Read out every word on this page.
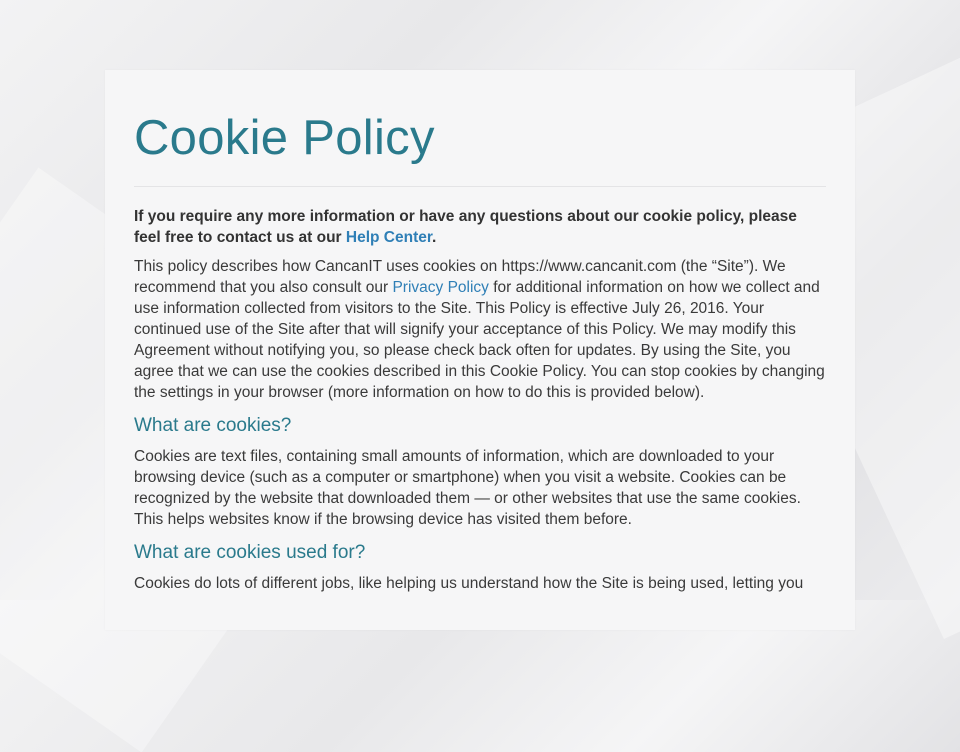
Cookie Policy

If you require any more information or have any questions about our cookie policy, please feel free to contact us at our Help Center.

This policy describes how CancanIT uses cookies on https://www.cancanit.com (the “Site”). We recommend that you also consult our Privacy Policy for additional information on how we collect and use information collected from visitors to the Site. This Policy is effective July 26, 2016. Your continued use of the Site after that will signify your acceptance of this Policy. We may modify this Agreement without notifying you, so please check back often for updates. By using the Site, you agree that we can use the cookies described in this Cookie Policy. You can stop cookies by changing the settings in your browser (more information on how to do this is provided below).

What are cookies?

Cookies are text files, containing small amounts of information, which are downloaded to your browsing device (such as a computer or smartphone) when you visit a website. Cookies can be recognized by the website that downloaded them — or other websites that use the same cookies. This helps websites know if the browsing device has visited them before.

What are cookies used for?

Cookies do lots of different jobs, like helping us understand how the Site is being used, letting you
